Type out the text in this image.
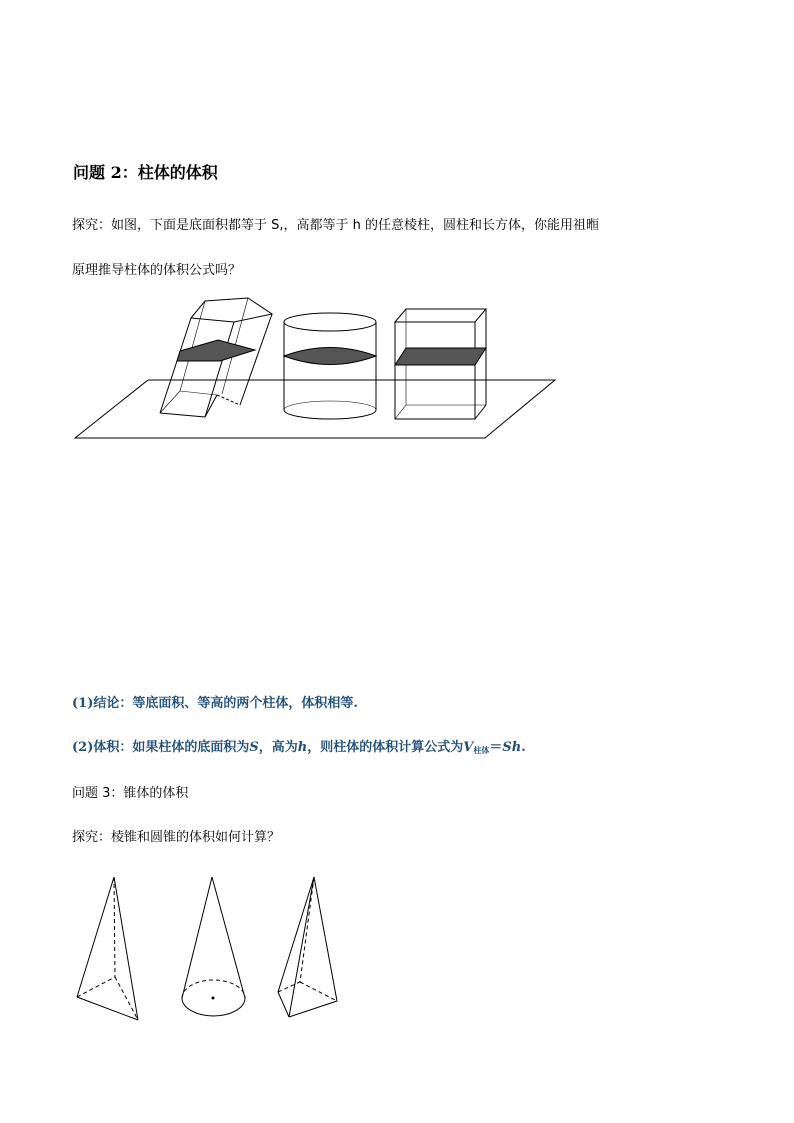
问题 2：柱体的体积
探究：如图，下面是底面积都等于 S,，高都等于 h 的任意棱柱，圆柱和长方体，你能用祖暅
原理推导柱体的体积公式吗？
(1)结论：等底面积、等高的两个柱体，体积相等.
(2)体积：如果柱体的底面积为S，高为h，则柱体的体积计算公式为$V_{柱体}=Sh$.
问题 3：锥体的体积
探究：棱锥和圆锥的体积如何计算？
